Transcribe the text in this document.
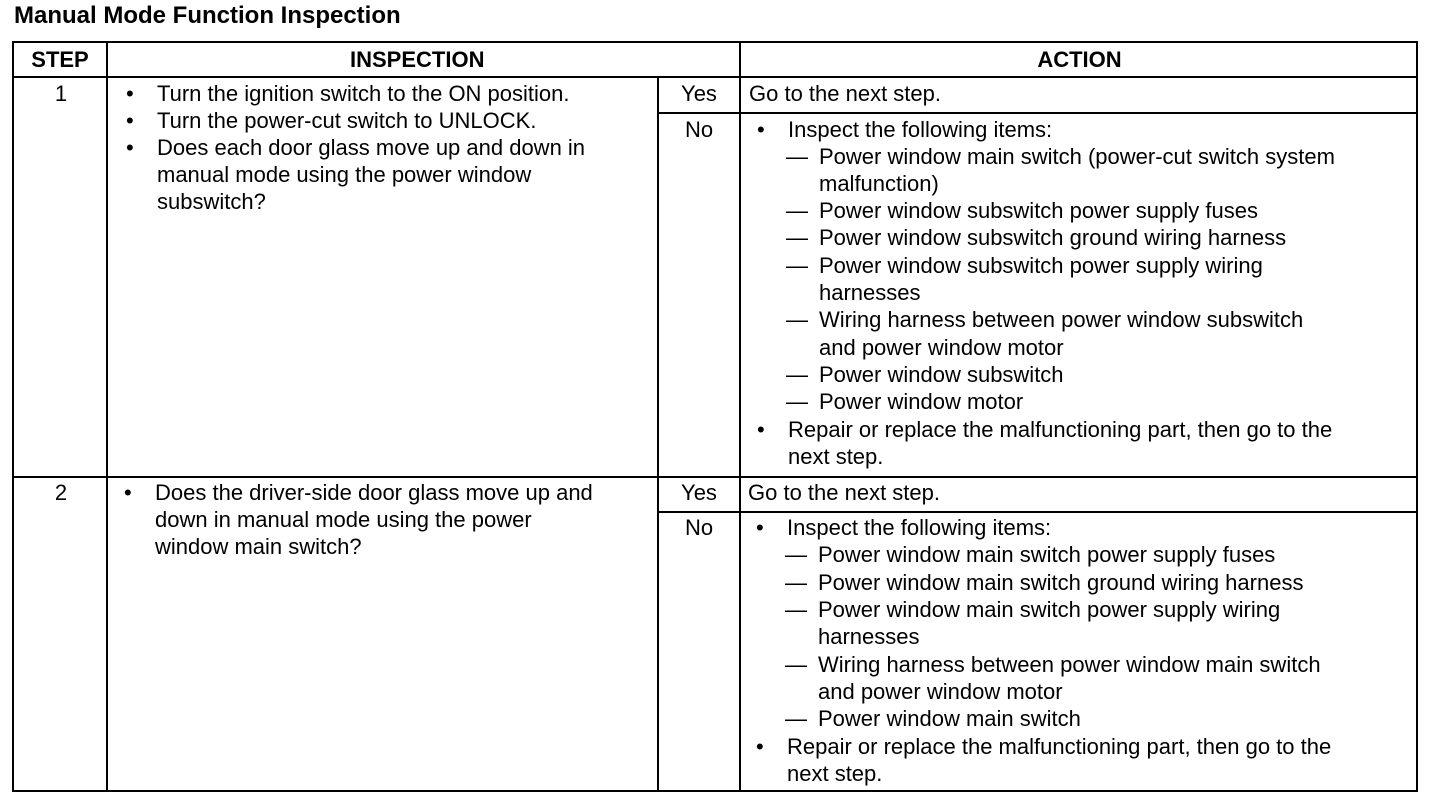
Manual Mode Function Inspection
STEP	INSPECTION	ACTION
1	• Turn the ignition switch to the ON position.
• Turn the power-cut switch to UNLOCK.
• Does each door glass move up and down in
manual mode using the power window
subswitch?
Yes	Go to the next step.
No	• Inspect the following items:
— Power window main switch (power-cut switch system
malfunction)
— Power window subswitch power supply fuses
— Power window subswitch ground wiring harness
— Power window subswitch power supply wiring
harnesses
— Wiring harness between power window subswitch
and power window motor
— Power window subswitch
— Power window motor
• Repair or replace the malfunctioning part, then go to the
next step.
2	• Does the driver-side door glass move up and
down in manual mode using the power
window main switch?
Yes	Go to the next step.
No	• Inspect the following items:
— Power window main switch power supply fuses
— Power window main switch ground wiring harness
— Power window main switch power supply wiring
harnesses
— Wiring harness between power window main switch
and power window motor
— Power window main switch
• Repair or replace the malfunctioning part, then go to the
next step.
